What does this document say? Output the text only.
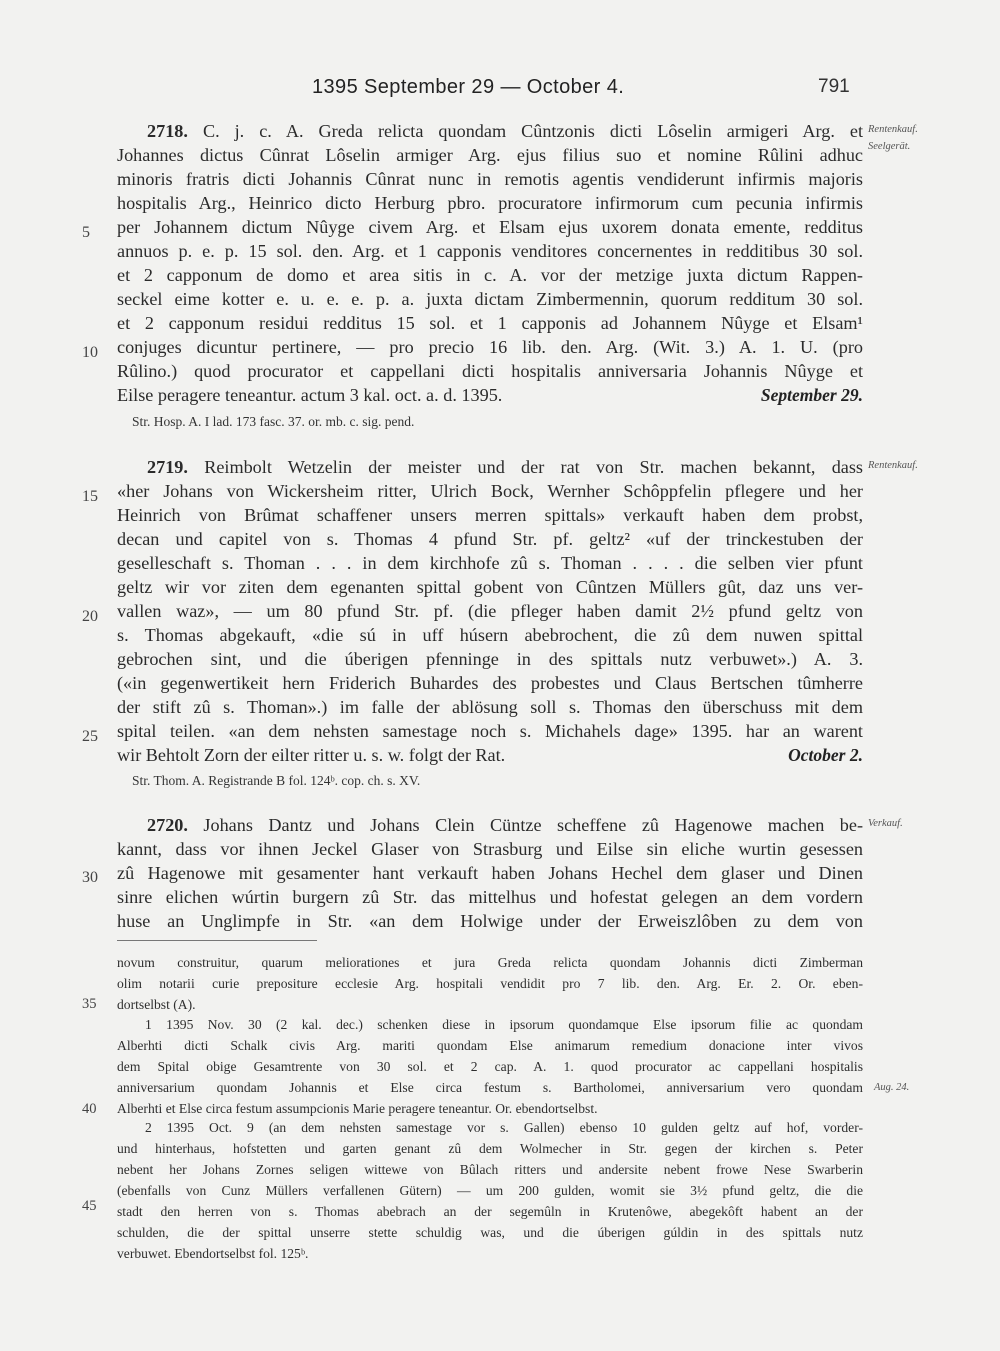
1395 September 29 — October 4.	791
2718. C. j. c. A. Greda relicta quondam Cûntzonis dicti Lôselin armigeri Arg. et
Johannes dictus Cûnrat Lôselin armiger Arg. ejus filius suo et nomine Rûlini adhuc
minoris fratris dicti Johannis Cûnrat nunc in remotis agentis vendiderunt infirmis majoris
hospitalis Arg., Heinrico dicto Herburg pbro. procuratore infirmorum cum pecunia infirmis
per Johannem dictum Nûyge civem Arg. et Elsam ejus uxorem donata emente, redditus
annuos p. e. p. 15 sol. den. Arg. et 1 capponis venditores concernentes in redditibus 30 sol.
et 2 capponum de domo et area sitis in c. A. vor der metzige juxta dictum Rappen-
seckel eime kotter e. u. e. e. p. a. juxta dictam Zimbermennin, quorum redditum 30 sol.
et 2 capponum residui redditus 15 sol. et 1 capponis ad Johannem Nûyge et Elsam¹
conjuges dicuntur pertinere, — pro precio 16 lib. den. Arg. (Wit. 3.) A. 1. U. (pro
Rûlino.) quod procurator et cappellani dicti hospitalis anniversaria Johannis Nûyge et
Eilse peragere teneantur. actum 3 kal. oct. a. d. 1395.	September 29.
Str. Hosp. A. I lad. 173 fasc. 37. or. mb. c. sig. pend.
Rentenkauf.
Seelgerät.
2719. Reimbolt Wetzelin der meister und der rat von Str. machen bekannt, dass
«her Johans von Wickersheim ritter, Ulrich Bock, Wernher Schôppfelin pflegere und her
Heinrich von Brûmat schaffener unsers merren spittals» verkauft haben dem probst,
decan und capitel von s. Thomas 4 pfund Str. pf. geltz² «uf der trinckestuben der
geselleschaft s. Thoman . . . in dem kirchhofe zû s. Thoman . . . . die selben vier pfunt
geltz wir vor ziten dem egenanten spittal gobent von Cûntzen Müllers gût, daz uns ver-
vallen waz», — um 80 pfund Str. pf. (die pfleger haben damit 2½ pfund geltz von
s. Thomas abgekauft, «die sú in uff húsern abebrochent, die zû dem nuwen spittal
gebrochen sint, und die úberigen pfenninge in des spittals nutz verbuwet».) A. 3.
(«in gegenwertikeit hern Friderich Buhardes des probestes und Claus Bertschen tûmherre
der stift zû s. Thoman».) im falle der ablösung soll s. Thomas den überschuss mit dem
spital teilen. «an dem nehsten samestage noch s. Michahels dage» 1395. har an warent
wir Behtolt Zorn der eilter ritter u. s. w. folgt der Rat.	October 2.
Str. Thom. A. Registrande B fol. 124ᵇ. cop. ch. s. XV.
Rentenkauf.
2720. Johans Dantz und Johans Clein Cüntze scheffene zû Hagenowe machen be-
kannt, dass vor ihnen Jeckel Glaser von Strasburg und Eilse sin eliche wurtin gesessen
zû Hagenowe mit gesamenter hant verkauft haben Johans Hechel dem glaser und Dinen
sinre elichen wúrtin burgern zû Str. das mittelhus und hofestat gelegen an dem vordern
huse an Unglimpfe in Str. «an dem Holwige under der Erweiszlôben zu dem von
Verkauf.
5
10
15
20
25
30
35
40
45
novum construitur, quarum meliorationes et jura Greda relicta quondam Johannis dicti Zimberman
olim notarii curie prepositure ecclesie Arg. hospitali vendidit pro 7 lib. den. Arg. Er. 2. Or. eben-
dortselbst (A).
1 1395 Nov. 30 (2 kal. dec.) schenken diese in ipsorum quondamque Else ipsorum filie ac quondam
Alberhti dicti Schalk civis Arg. mariti quondam Else animarum remedium donacione inter vivos
dem Spital obige Gesamtrente von 30 sol. et 2 cap. A. 1. quod procurator ac cappellani hospitalis
anniversarium quondam Johannis et Else circa festum s. Bartholomei, anniversarium vero quondam
Alberhti et Else circa festum assumpcionis Marie peragere teneantur. Or. ebendortselbst.
Aug. 24.
2 1395 Oct. 9 (an dem nehsten samestage vor s. Gallen) ebenso 10 gulden geltz auf hof, vorder-
und hinterhaus, hofstetten und garten genant zû dem Wolmecher in Str. gegen der kirchen s. Peter
nebent her Johans Zornes seligen wittewe von Bûlach ritters und andersite nebent frowe Nese Swarberin
(ebenfalls von Cunz Müllers verfallenen Gütern) — um 200 gulden, womit sie 3½ pfund geltz, die die
stadt den herren von s. Thomas abebrach an der segemûln in Krutenôwe, abegekôft habent an der
schulden, die der spittal unserre stette schuldig was, und die úberigen gúldin in des spittals nutz
verbuwet. Ebendortselbst fol. 125ᵇ.
